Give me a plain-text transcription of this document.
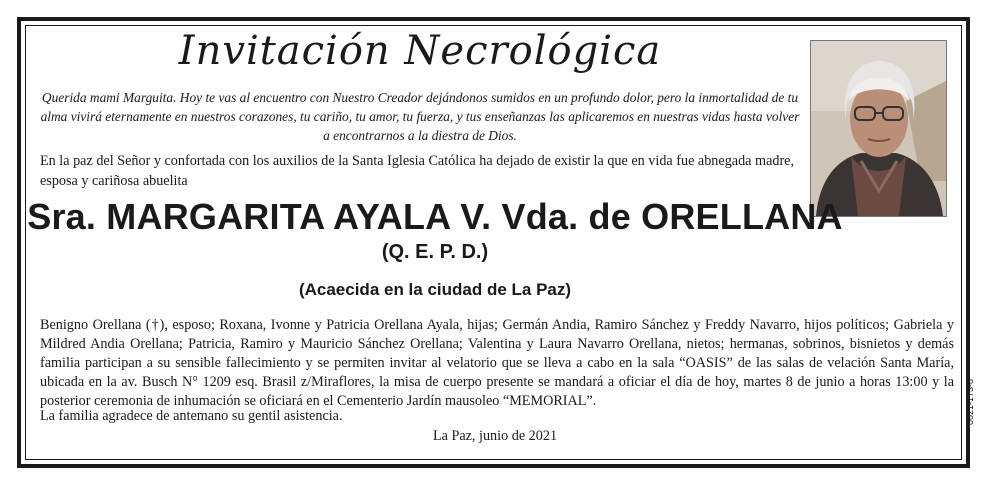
Invitación Necrológica

Querida mami Marguita. Hoy te vas al encuentro con Nuestro Creador dejándonos sumidos en un profundo dolor, pero la inmortalidad de tu alma vivirá eternamente en nuestros corazones, tu cariño, tu amor, tu fuerza, y tus enseñanzas las aplicaremos en nuestras vidas hasta volver a encontrarnos a la diestra de Dios.

En la paz del Señor y confortada con los auxilios de la Santa Iglesia Católica ha dejado de existir la que en vida fue abnegada madre, esposa y cariñosa abuelita

Sra. MARGARITA AYALA V. Vda. de ORELLANA
(Q. E. P. D.)
(Acaecida en la ciudad de La Paz)

Benigno Orellana (†), esposo; Roxana, Ivonne y Patricia Orellana Ayala, hijas; Germán Andia, Ramiro Sánchez y Freddy Navarro, hijos políticos; Gabriela y Mildred Andia Orellana; Patricia, Ramiro y Mauricio Sánchez Orellana; Valentina y Laura Navarro Orellana, nietos; hermanas, sobrinos, bisnietos y demás familia participan a su sensible fallecimiento y se permiten invitar al velatorio que se lleva a cabo en la sala “OASIS” de las salas de velación Santa María, ubicada en la av. Busch N° 1209 esq. Brasil z/Miraflores, la misa de cuerpo presente se mandará a oficiar el día de hoy, martes 8 de junio a horas 13:00 y la posterior ceremonia de inhumación se oficiará en el Cementerio Jardín mausoleo “MEMORIAL”.

La familia agradece de antemano su gentil asistencia.

La Paz, junio de 2021

0621-173-8
